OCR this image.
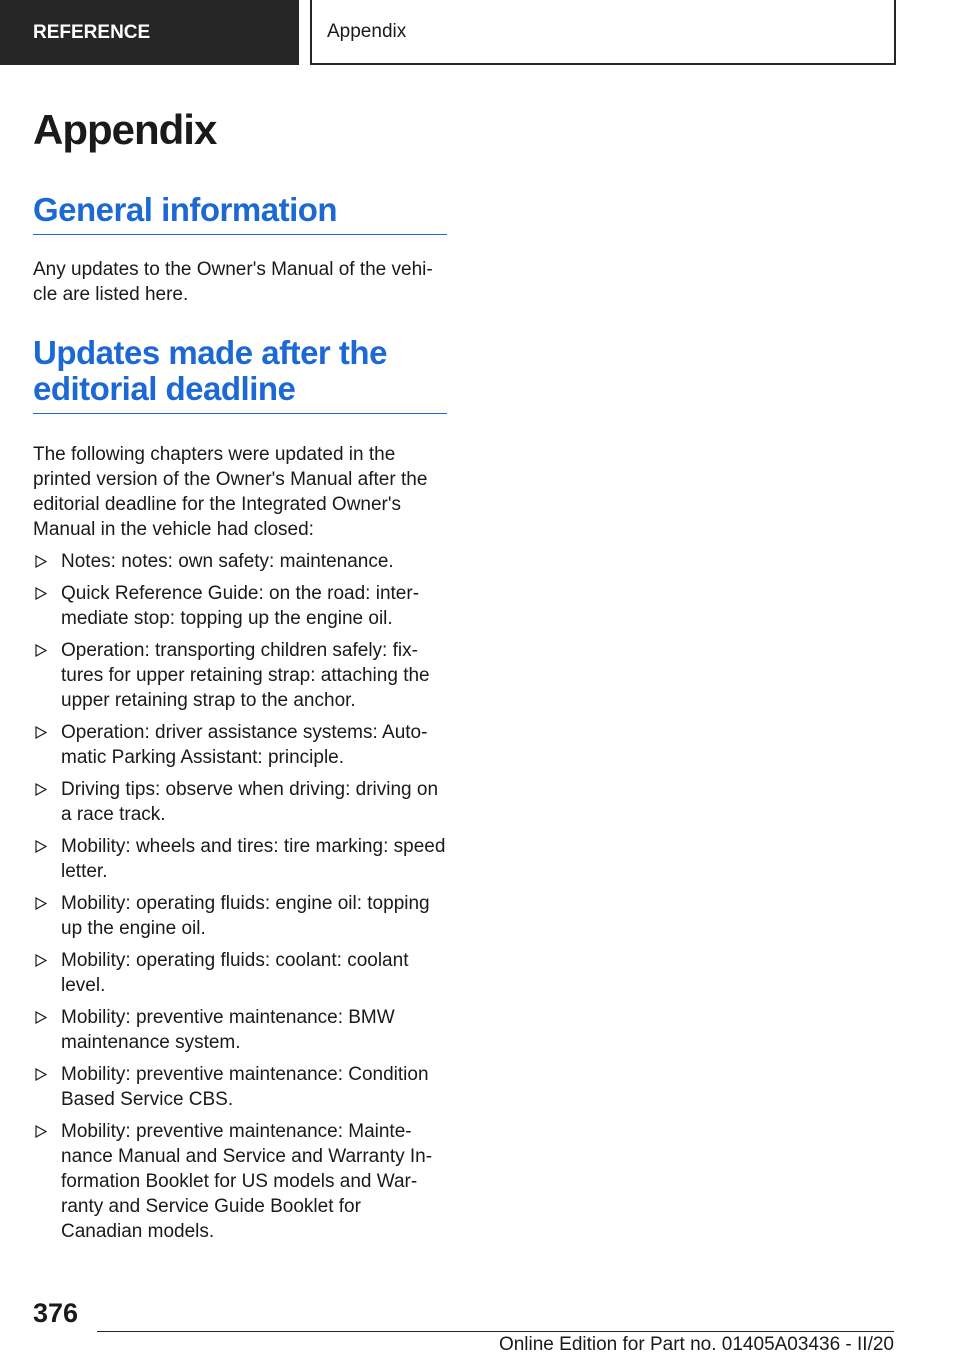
REFERENCE	Appendix
Appendix
General information

Any updates to the Owner's Manual of the vehi‐cle are listed here.

Updates made after the editorial deadline

The following chapters were updated in the printed version of the Owner's Manual after the editorial deadline for the Integrated Owner's Manual in the vehicle had closed:

Notes: notes: own safety: maintenance.
Quick Reference Guide: on the road: inter‐mediate stop: topping up the engine oil.
Operation: transporting children safely: fix‐tures for upper retaining strap: attaching the upper retaining strap to the anchor.
Operation: driver assistance systems: Auto‐matic Parking Assistant: principle.
Driving tips: observe when driving: driving on a race track.
Mobility: wheels and tires: tire marking: speed letter.
Mobility: operating fluids: engine oil: topping up the engine oil.
Mobility: operating fluids: coolant: coolant level.
Mobility: preventive maintenance: BMW maintenance system.
Mobility: preventive maintenance: Condition Based Service CBS.
Mobility: preventive maintenance: Mainte‐nance Manual and Service and Warranty In‐formation Booklet for US models and War‐ranty and Service Guide Booklet for Canadian models.
376
Online Edition for Part no. 01405A03436 - II/20
